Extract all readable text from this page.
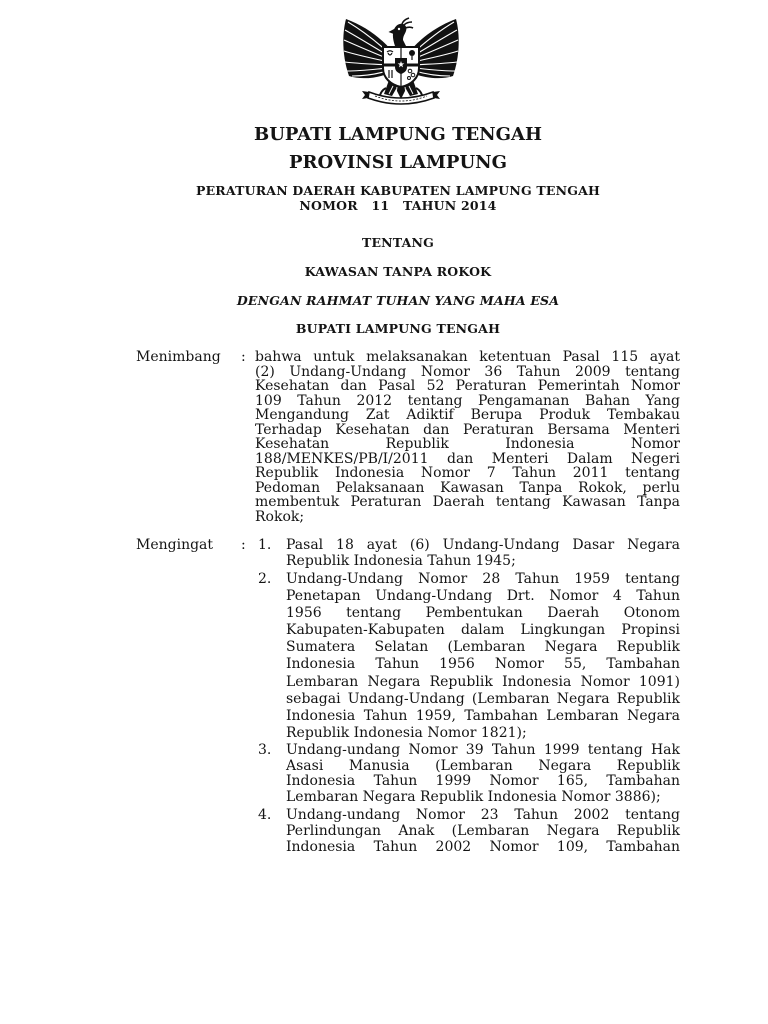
BUPATI LAMPUNG TENGAH
PROVINSI LAMPUNG
PERATURAN DAERAH KABUPATEN LAMPUNG TENGAH
NOMOR   11   TAHUN 2014
TENTANG
KAWASAN TANPA ROKOK
DENGAN RAHMAT TUHAN YANG MAHA ESA
BUPATI LAMPUNG TENGAH
Menimbang : bahwa untuk melaksanakan ketentuan Pasal 115 ayat
(2) Undang-Undang Nomor 36 Tahun 2009 tentang
Kesehatan dan Pasal 52 Peraturan Pemerintah Nomor
109 Tahun 2012 tentang Pengamanan Bahan Yang
Mengandung Zat Adiktif Berupa Produk Tembakau
Terhadap Kesehatan dan Peraturan Bersama Menteri
Kesehatan Republik Indonesia Nomor
188/MENKES/PB/I/2011 dan Menteri Dalam Negeri
Republik Indonesia Nomor 7 Tahun 2011 tentang
Pedoman Pelaksanaan Kawasan Tanpa Rokok, perlu
membentuk Peraturan Daerah tentang Kawasan Tanpa
Rokok;
Mengingat : 1. Pasal 18 ayat (6) Undang-Undang Dasar Negara
Republik Indonesia Tahun 1945;
2. Undang-Undang Nomor 28 Tahun 1959 tentang
Penetapan Undang-Undang Drt. Nomor 4 Tahun
1956 tentang Pembentukan Daerah Otonom
Kabupaten-Kabupaten dalam Lingkungan Propinsi
Sumatera Selatan (Lembaran Negara Republik
Indonesia Tahun 1956 Nomor 55, Tambahan
Lembaran Negara Republik Indonesia Nomor 1091)
sebagai Undang-Undang (Lembaran Negara Republik
Indonesia Tahun 1959, Tambahan Lembaran Negara
Republik Indonesia Nomor 1821);
3. Undang-undang Nomor 39 Tahun 1999 tentang Hak
Asasi Manusia (Lembaran Negara Republik
Indonesia Tahun 1999 Nomor 165, Tambahan
Lembaran Negara Republik Indonesia Nomor 3886);
4. Undang-undang Nomor 23 Tahun 2002 tentang
Perlindungan Anak (Lembaran Negara Republik
Indonesia Tahun 2002 Nomor 109, Tambahan
